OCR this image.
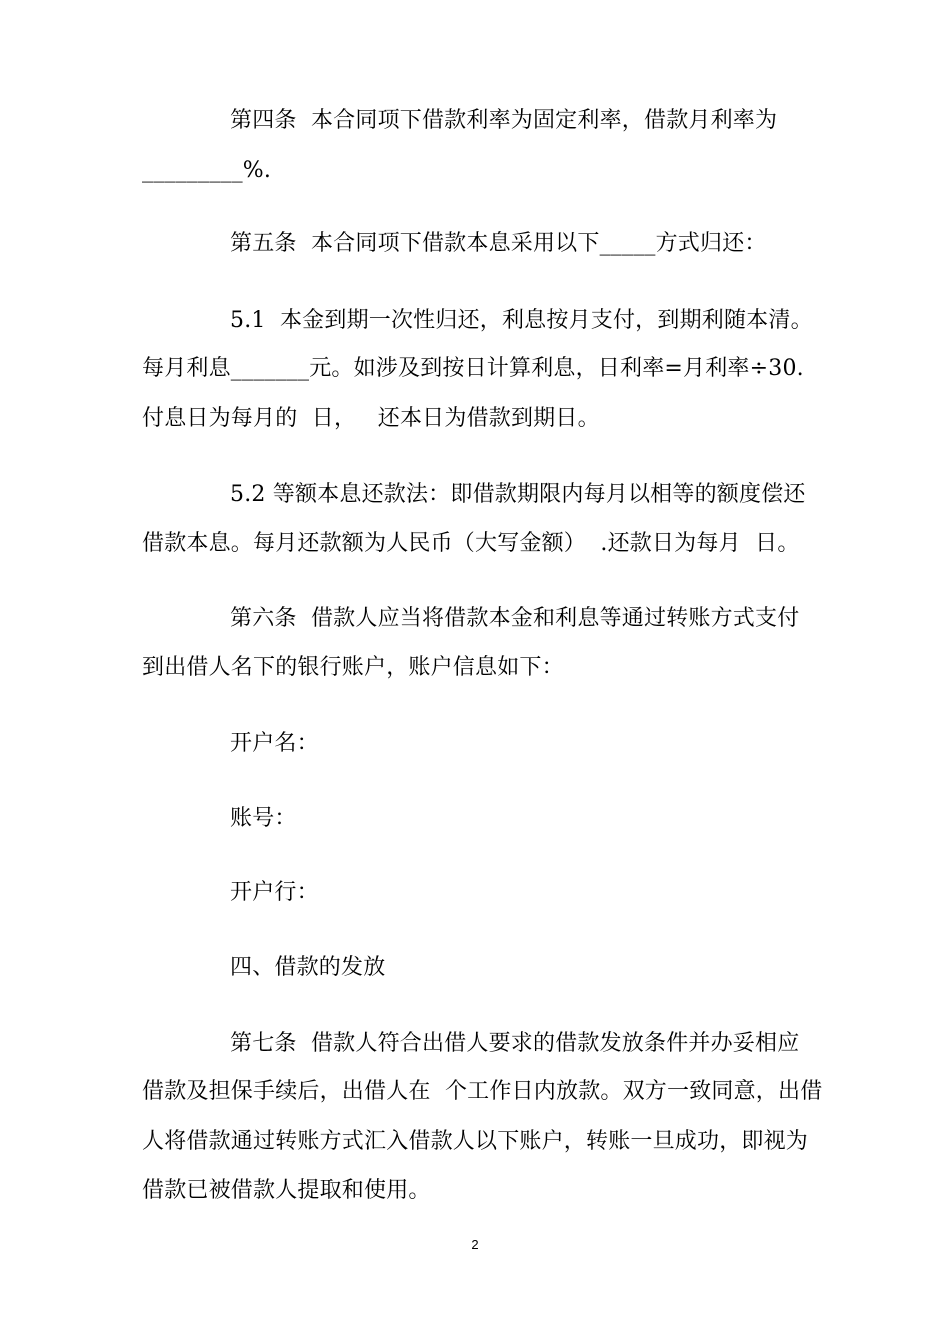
第四条  本合同项下借款利率为固定利率，借款月利率为
_________%.
第五条  本合同项下借款本息采用以下_____方式归还：
5.1  本金到期一次性归还，利息按月支付，到期利随本清。
每月利息_______元。如涉及到按日计算利息，日利率=月利率÷30.
付息日为每月的  日，   还本日为借款到期日。
5.2 等额本息还款法：即借款期限内每月以相等的额度偿还
借款本息。每月还款额为人民币（大写金额）  .还款日为每月  日。
第六条  借款人应当将借款本金和利息等通过转账方式支付
到出借人名下的银行账户，账户信息如下：
开户名：
账号：
开户行：
四、借款的发放
第七条  借款人符合出借人要求的借款发放条件并办妥相应
借款及担保手续后，出借人在  个工作日内放款。双方一致同意，出借
人将借款通过转账方式汇入借款人以下账户，转账一旦成功，即视为
借款已被借款人提取和使用。
2
